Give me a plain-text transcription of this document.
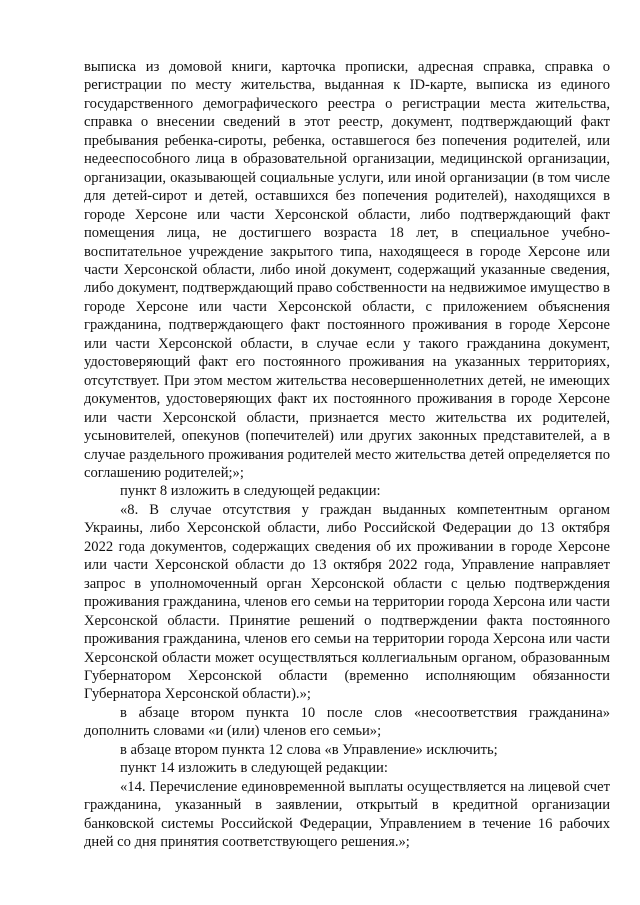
выписка из домовой книги, карточка прописки, адресная справка, справка о регистрации по месту жительства, выданная к ID-карте, выписка из единого государственного демографического реестра о регистрации места жительства, справка о внесении сведений в этот реестр, документ, подтверждающий факт пребывания ребенка-сироты, ребенка, оставшегося без попечения родителей, или недееспособного лица в образовательной организации, медицинской организации, организации, оказывающей социальные услуги, или иной организации (в том числе для детей-сирот и детей, оставшихся без попечения родителей), находящихся в городе Херсоне или части Херсонской области, либо подтверждающий факт помещения лица, не достигшего возраста 18 лет, в специальное учебно-воспитательное учреждение закрытого типа, находящееся в городе Херсоне или части Херсонской области, либо иной документ, содержащий указанные сведения, либо документ, подтверждающий право собственности на недвижимое имущество в городе Херсоне или части Херсонской области, с приложением объяснения гражданина, подтверждающего факт постоянного проживания в городе Херсоне или части Херсонской области, в случае если у такого гражданина документ, удостоверяющий факт его постоянного проживания на указанных территориях, отсутствует. При этом местом жительства несовершеннолетних детей, не имеющих документов, удостоверяющих факт их постоянного проживания в городе Херсоне или части Херсонской области, признается место жительства их родителей, усыновителей, опекунов (попечителей) или других законных представителей, а в случае раздельного проживания родителей место жительства детей определяется по соглашению родителей;»;

пункт 8 изложить в следующей редакции:

«8. В случае отсутствия у граждан выданных компетентным органом Украины, либо Херсонской области, либо Российской Федерации до 13 октября 2022 года документов, содержащих сведения об их проживании в городе Херсоне или части Херсонской области до 13 октября 2022 года, Управление направляет запрос в уполномоченный орган Херсонской области с целью подтверждения проживания гражданина, членов его семьи на территории города Херсона или части Херсонской области. Принятие решений о подтверждении факта постоянного проживания гражданина, членов его семьи на территории города Херсона или части Херсонской области может осуществляться коллегиальным органом, образованным Губернатором Херсонской области (временно исполняющим обязанности Губернатора Херсонской области).»;

в абзаце втором пункта 10 после слов «несоответствия гражданина» дополнить словами «и (или) членов его семьи»;

в абзаце втором пункта 12 слова «в Управление» исключить;

пункт 14 изложить в следующей редакции:

«14. Перечисление единовременной выплаты осуществляется на лицевой счет гражданина, указанный в заявлении, открытый в кредитной организации банковской системы Российской Федерации, Управлением в течение 16 рабочих дней со дня принятия соответствующего решения.»;
